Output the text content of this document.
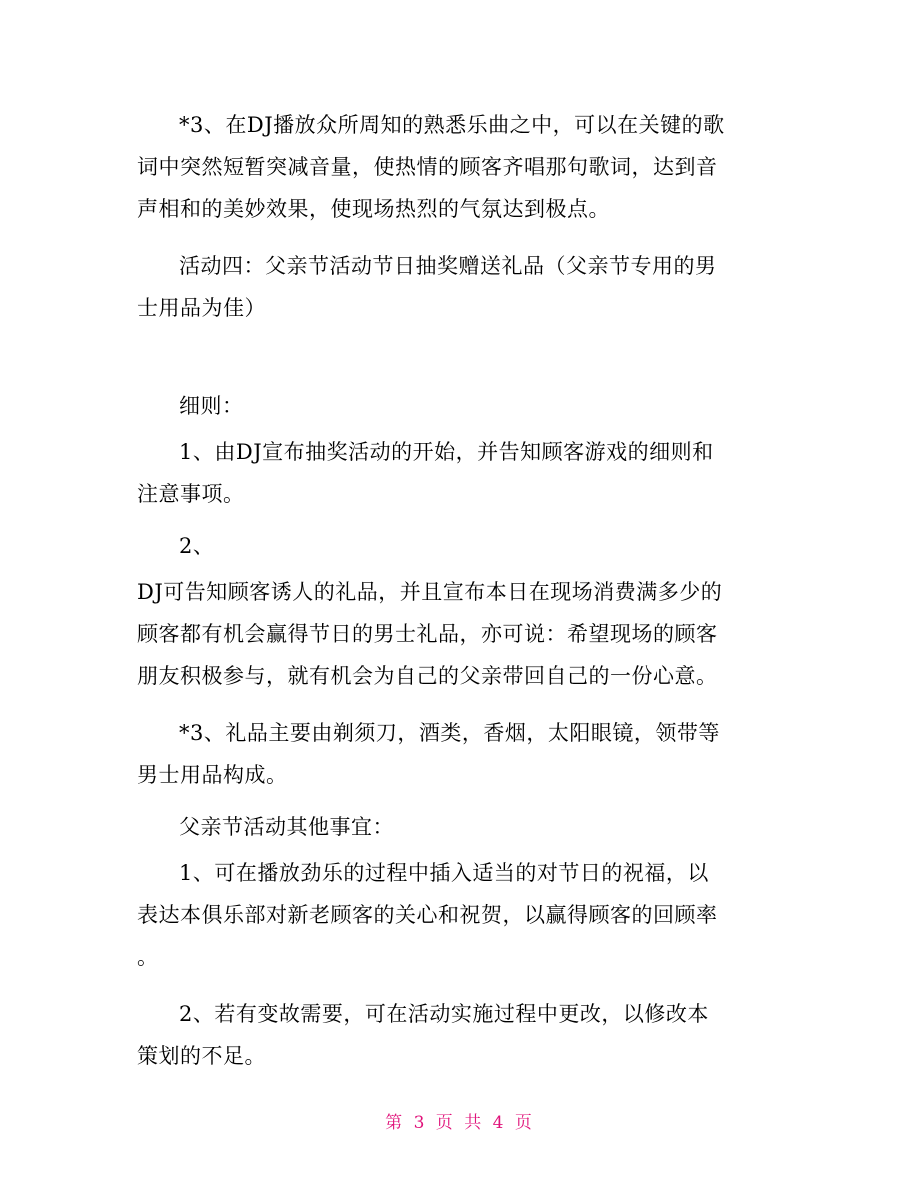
*3、在DJ播放众所周知的熟悉乐曲之中，可以在关键的歌
词中突然短暂突减音量，使热情的顾客齐唱那句歌词，达到音
声相和的美妙效果，使现场热烈的气氛达到极点。

活动四：父亲节活动节日抽奖赠送礼品（父亲节专用的男
士用品为佳）

细则：

1、由DJ宣布抽奖活动的开始，并告知顾客游戏的细则和
注意事项。

2、

DJ可告知顾客诱人的礼品，并且宣布本日在现场消费满多少的
顾客都有机会赢得节日的男士礼品，亦可说：希望现场的顾客
朋友积极参与，就有机会为自己的父亲带回自己的一份心意。

*3、礼品主要由剃须刀，酒类，香烟，太阳眼镜，领带等
男士用品构成。

父亲节活动其他事宜：

1、可在播放劲乐的过程中插入适当的对节日的祝福，以
表达本俱乐部对新老顾客的关心和祝贺，以赢得顾客的回顾率
。

2、若有变故需要，可在活动实施过程中更改，以修改本
策划的不足。

第 3 页 共 4 页
